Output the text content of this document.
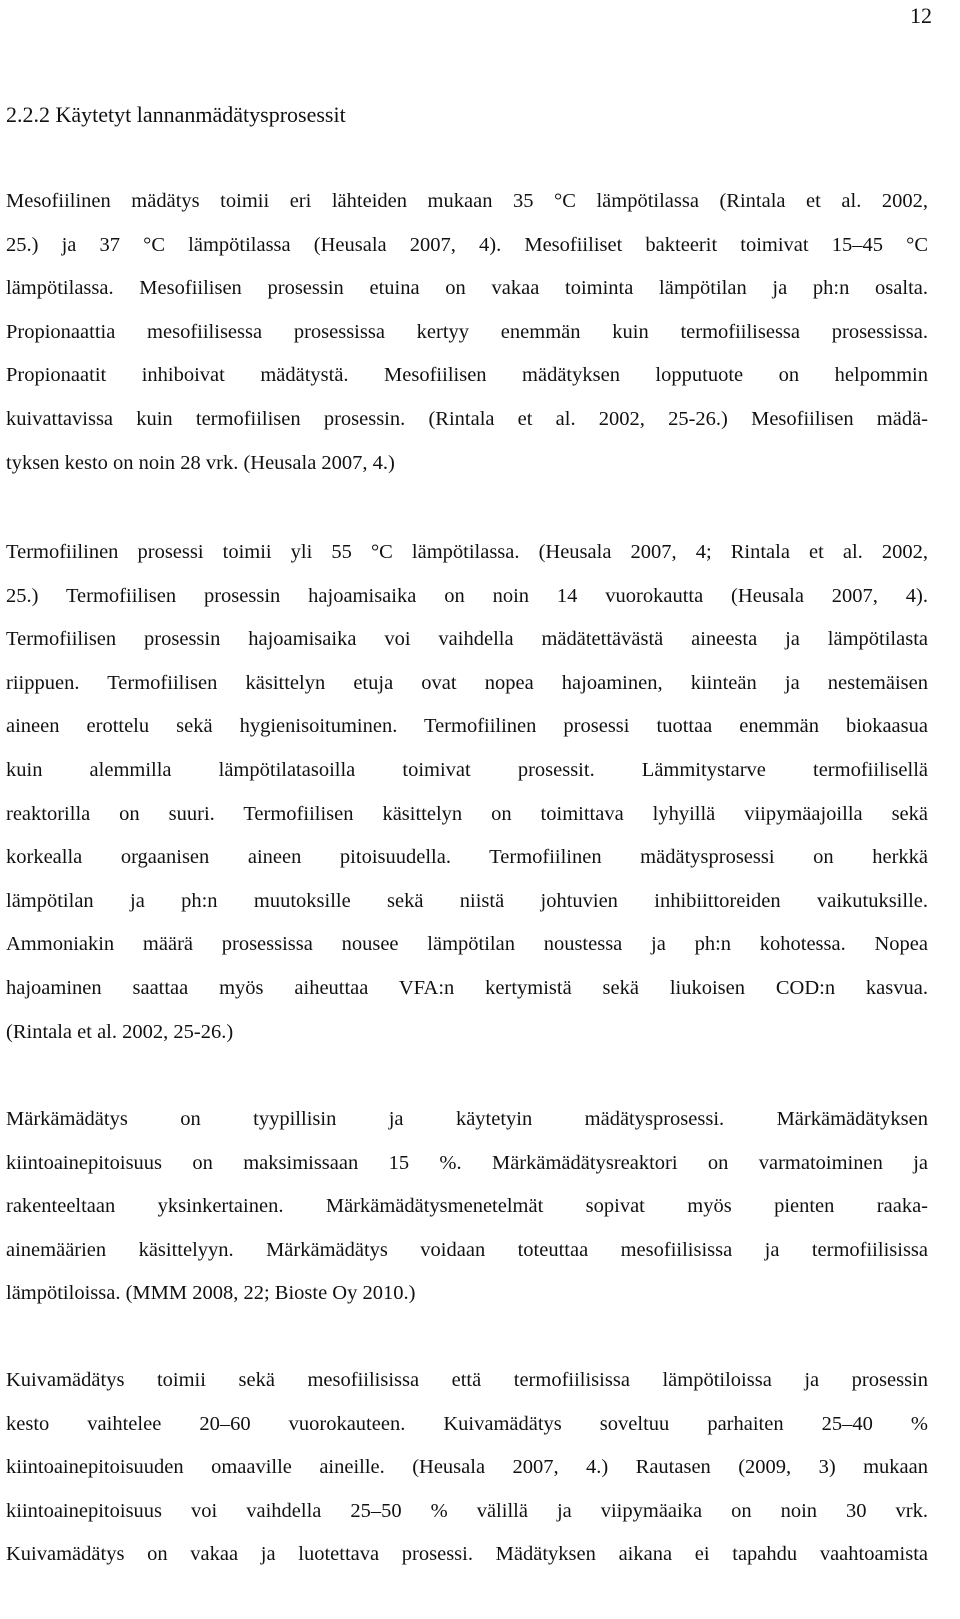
12
2.2.2 Käytetyt lannanmädätysprosessit
Mesofiilinen mädätys toimii eri lähteiden mukaan 35 °C lämpötilassa (Rintala et al. 2002,
25.) ja 37 °C lämpötilassa (Heusala 2007, 4). Mesofiiliset bakteerit toimivat 15–45 °C
lämpötilassa. Mesofiilisen prosessin etuina on vakaa toiminta lämpötilan ja ph:n osalta.
Propionaattia mesofiilisessa prosessissa kertyy enemmän kuin termofiilisessa prosessissa.
Propionaatit inhiboivat mädätystä. Mesofiilisen mädätyksen lopputuote on helpommin
kuivattavissa kuin termofiilisen prosessin. (Rintala et al. 2002, 25-26.) Mesofiilisen mädä-
tyksen kesto on noin 28 vrk. (Heusala 2007, 4.)
Termofiilinen prosessi toimii yli 55 °C lämpötilassa. (Heusala 2007, 4; Rintala et al. 2002,
25.) Termofiilisen prosessin hajoamisaika on noin 14 vuorokautta (Heusala 2007, 4).
Termofiilisen prosessin hajoamisaika voi vaihdella mädätettävästä aineesta ja lämpötilasta
riippuen. Termofiilisen käsittelyn etuja ovat nopea hajoaminen, kiinteän ja nestemäisen
aineen erottelu sekä hygienisoituminen. Termofiilinen prosessi tuottaa enemmän biokaasua
kuin alemmilla lämpötilatasoilla toimivat prosessit. Lämmitystarve termofiilisellä
reaktorilla on suuri. Termofiilisen käsittelyn on toimittava lyhyillä viipymäajoilla sekä
korkealla orgaanisen aineen pitoisuudella. Termofiilinen mädätysprosessi on herkkä
lämpötilan ja ph:n muutoksille sekä niistä johtuvien inhibiittoreiden vaikutuksille.
Ammoniakin määrä prosessissa nousee lämpötilan noustessa ja ph:n kohotessa. Nopea
hajoaminen saattaa myös aiheuttaa VFA:n kertymistä sekä liukoisen COD:n kasvua.
(Rintala et al. 2002, 25-26.)
Märkämädätys on tyypillisin ja käytetyin mädätysprosessi. Märkämädätyksen
kiintoainepitoisuus on maksimissaan 15 %. Märkämädätysreaktori on varmatoiminen ja
rakenteeltaan yksinkertainen. Märkämädätysmenetelmät sopivat myös pienten raaka-
ainemäärien käsittelyyn. Märkämädätys voidaan toteuttaa mesofiilisissa ja termofiilisissa
lämpötiloissa. (MMM 2008, 22; Bioste Oy 2010.)
Kuivamädätys toimii sekä mesofiilisissa että termofiilisissa lämpötiloissa ja prosessin
kesto vaihtelee 20–60 vuorokauteen. Kuivamädätys soveltuu parhaiten 25–40 %
kiintoainepitoisuuden omaaville aineille. (Heusala 2007, 4.) Rautasen (2009, 3) mukaan
kiintoainepitoisuus voi vaihdella 25–50 % välillä ja viipymäaika on noin 30 vrk.
Kuivamädätys on vakaa ja luotettava prosessi. Mädätyksen aikana ei tapahdu vaahtoamista
